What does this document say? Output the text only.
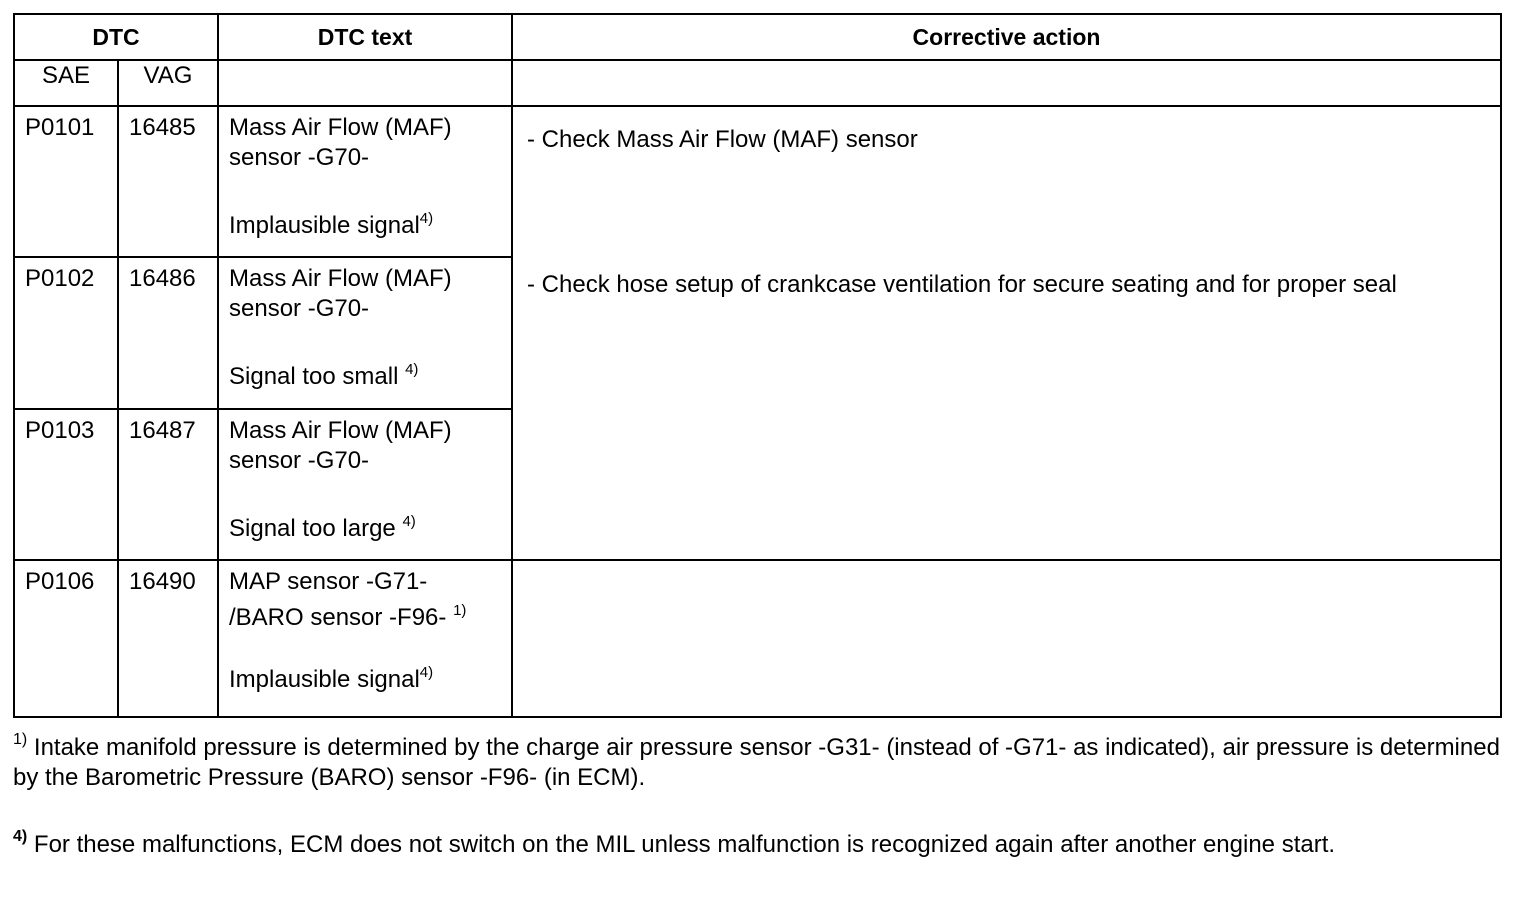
DTC		DTC text	Corrective action
SAE	VAG		
P0101	16485	Mass Air Flow (MAF)
sensor -G70-
Implausible signal$^{4)}$	- Check Mass Air Flow (MAF) sensor
- Check hose setup of crankcase ventilation for secure seating and for proper seal

P0102	16486	Mass Air Flow (MAF)
sensor -G70-
Signal too small $^{4)}$

P0103	16487	Mass Air Flow (MAF)
sensor -G70-
Signal too large $^{4)}$

P0106	16490	MAP sensor -G71-
/BARO sensor -F96- $^{1)}$
Implausible signal$^{4)}$

$^{1)}$ Intake manifold pressure is determined by the charge air pressure sensor -G31- (instead of -G71- as indicated), air pressure is determined by the Barometric Pressure (BARO) sensor -F96- (in ECM).

$^{4)}$ For these malfunctions, ECM does not switch on the MIL unless malfunction is recognized again after another engine start.
